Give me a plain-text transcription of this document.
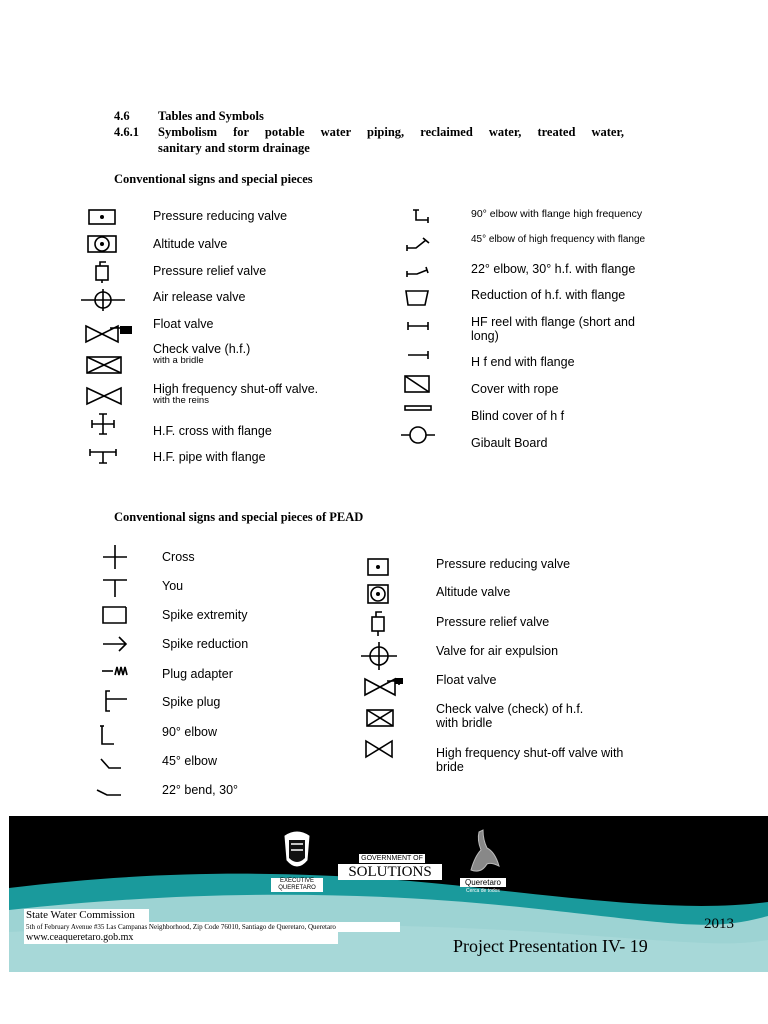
4.6 Tables and Symbols
4.6.1 Symbolism for potable water piping, reclaimed water, treated water,
sanitary and storm drainage
Conventional signs and special pieces
Pressure reducing valve
Altitude valve
Pressure relief valve
Air release valve
Float valve
Check valve (h.f.)
with a bridle
High frequency shut-off valve.
with the reins
H.F. cross with flange
H.F. pipe with flange
90° elbow with flange high frequency
45° elbow of high frequency with flange
22° elbow, 30° h.f. with flange
Reduction of h.f. with flange
HF reel with flange (short and
long)
H f end with flange
Cover with rope
Blind cover of h f
Gibault Board
Conventional signs and special pieces of PEAD
Cross
You
Spike extremity
Spike reduction
Plug adapter
Spike plug
90° elbow
45° elbow
22° bend, 30°
Pressure reducing valve
Altitude valve
Pressure relief valve
Valve for air expulsion
Float valve
Check valve (check) of h.f.
with bridle
High frequency shut-off valve with
bride
EXECUTIVE
QUERETARO
GOVERNMENT OF
SOLUTIONS
Queretaro
Cerca de todos
State Water Commission
5th of February Avenue #35 Las Campanas Neighborhood, Zip Code 76010, Santiago de Queretaro, Queretaro
www.ceaqueretaro.gob.mx
2013
Project Presentation IV- 19
